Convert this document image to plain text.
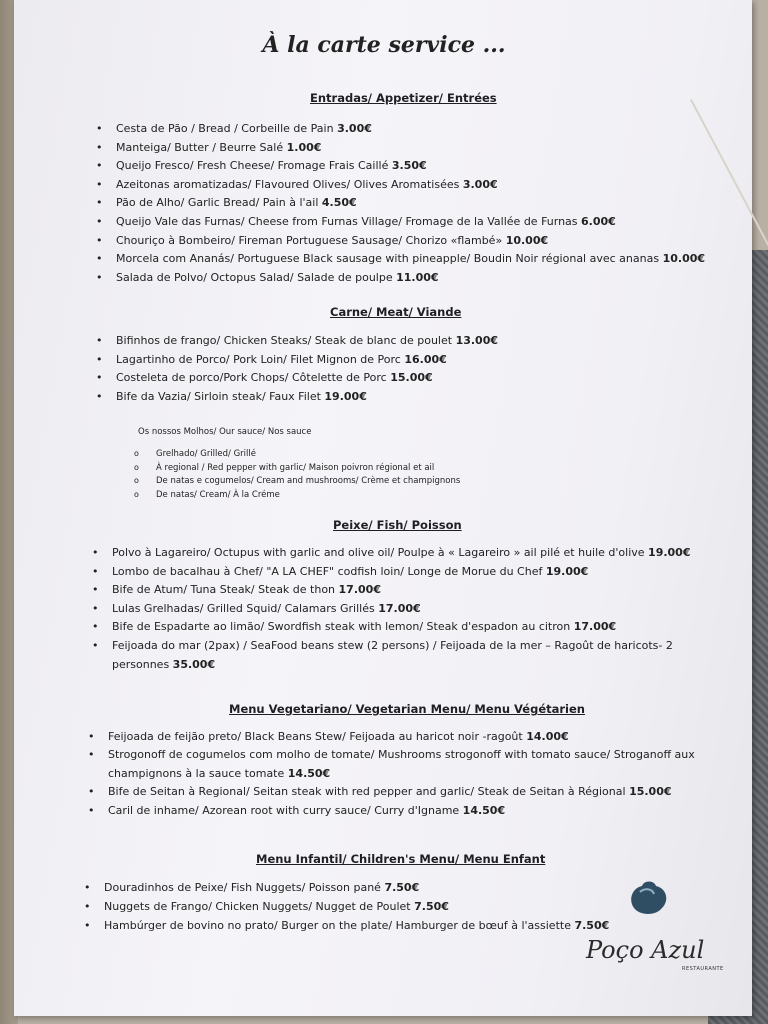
À la carte service ...
Entradas/ Appetizer/ Entrées
• Cesta de Pão / Bread / Corbeille de Pain 3.00€
• Manteiga/ Butter / Beurre Salé 1.00€
• Queijo Fresco/ Fresh Cheese/ Fromage Frais Caillé 3.50€
• Azeitonas aromatizadas/ Flavoured Olives/ Olives Aromatisées 3.00€
• Pão de Alho/ Garlic Bread/ Pain à l'ail 4.50€
• Queijo Vale das Furnas/ Cheese from Furnas Village/ Fromage de la Vallée de Furnas 6.00€
• Chouriço à Bombeiro/ Fireman Portuguese Sausage/ Chorizo «flambé» 10.00€
• Morcela com Ananás/ Portuguese Black sausage with pineapple/ Boudin Noir régional avec ananas 10.00€
• Salada de Polvo/ Octopus Salad/ Salade de poulpe 11.00€
Carne/ Meat/ Viande
• Bifinhos de frango/ Chicken Steaks/ Steak de blanc de poulet 13.00€
• Lagartinho de Porco/ Pork Loin/ Filet Mignon de Porc 16.00€
• Costeleta de porco/Pork Chops/ Côtelette de Porc 15.00€
• Bife da Vazia/ Sirloin steak/ Faux Filet 19.00€
Os nossos Molhos/ Our sauce/ Nos sauce
o Grelhado/ Grilled/ Grillé
o À regional / Red pepper with garlic/ Maison poivron régional et ail
o De natas e cogumelos/ Cream and mushrooms/ Crème et champignons
o De natas/ Cream/ À la Créme
Peixe/ Fish/ Poisson
• Polvo à Lagareiro/ Octupus with garlic and olive oil/ Poulpe à « Lagareiro » ail pilé et huile d'olive 19.00€
• Lombo de bacalhau à Chef/ "A LA CHEF" codfish loin/ Longe de Morue du Chef 19.00€
• Bife de Atum/ Tuna Steak/ Steak de thon 17.00€
• Lulas Grelhadas/ Grilled Squid/ Calamars Grillés 17.00€
• Bife de Espadarte ao limão/ Swordfish steak with lemon/ Steak d'espadon au citron 17.00€
• Feijoada do mar (2pax) / SeaFood beans stew (2 persons) / Feijoada de la mer – Ragoût de haricots- 2
personnes 35.00€
Menu Vegetariano/ Vegetarian Menu/ Menu Végétarien
• Feijoada de feijão preto/ Black Beans Stew/ Feijoada au haricot noir -ragoût 14.00€
• Strogonoff de cogumelos com molho de tomate/ Mushrooms strogonoff with tomato sauce/ Stroganoff aux
champignons à la sauce tomate 14.50€
• Bife de Seitan à Regional/ Seitan steak with red pepper and garlic/ Steak de Seitan à Régional 15.00€
• Caril de inhame/ Azorean root with curry sauce/ Curry d'Igname 14.50€
Menu Infantil/ Children's Menu/ Menu Enfant
• Douradinhos de Peixe/ Fish Nuggets/ Poisson pané 7.50€
• Nuggets de Frango/ Chicken Nuggets/ Nugget de Poulet 7.50€
• Hambúrger de bovino no prato/ Burger on the plate/ Hamburger de bœuf à l'assiette 7.50€
Poço Azul
RESTAURANTE
